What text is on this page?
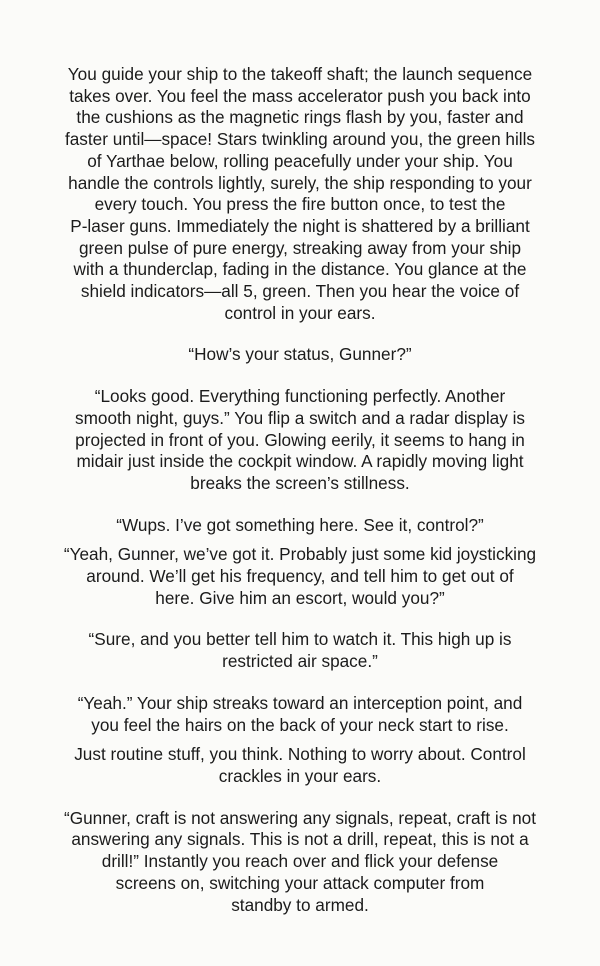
You guide your ship to the takeoff shaft; the launch sequence
takes over. You feel the mass accelerator push you back into
the cushions as the magnetic rings flash by you, faster and
faster until—space! Stars twinkling around you, the green hills
of Yarthae below, rolling peacefully under your ship. You
handle the controls lightly, surely, the ship responding to your
every touch. You press the fire button once, to test the
P-laser guns. Immediately the night is shattered by a brilliant
green pulse of pure energy, streaking away from your ship
with a thunderclap, fading in the distance. You glance at the
shield indicators—all 5, green. Then you hear the voice of
control in your ears.

“How’s your status, Gunner?”

“Looks good. Everything functioning perfectly. Another
smooth night, guys.” You flip a switch and a radar display is
projected in front of you. Glowing eerily, it seems to hang in
midair just inside the cockpit window. A rapidly moving light
breaks the screen’s stillness.

“Wups. I’ve got something here. See it, control?”

“Yeah, Gunner, we’ve got it. Probably just some kid joysticking
around. We’ll get his frequency, and tell him to get out of
here. Give him an escort, would you?”

“Sure, and you better tell him to watch it. This high up is
restricted air space.”

“Yeah.” Your ship streaks toward an interception point, and
you feel the hairs on the back of your neck start to rise.

Just routine stuff, you think. Nothing to worry about. Control
crackles in your ears.

“Gunner, craft is not answering any signals, repeat, craft is not
answering any signals. This is not a drill, repeat, this is not a
drill!” Instantly you reach over and flick your defense
screens on, switching your attack computer from
standby to armed.
